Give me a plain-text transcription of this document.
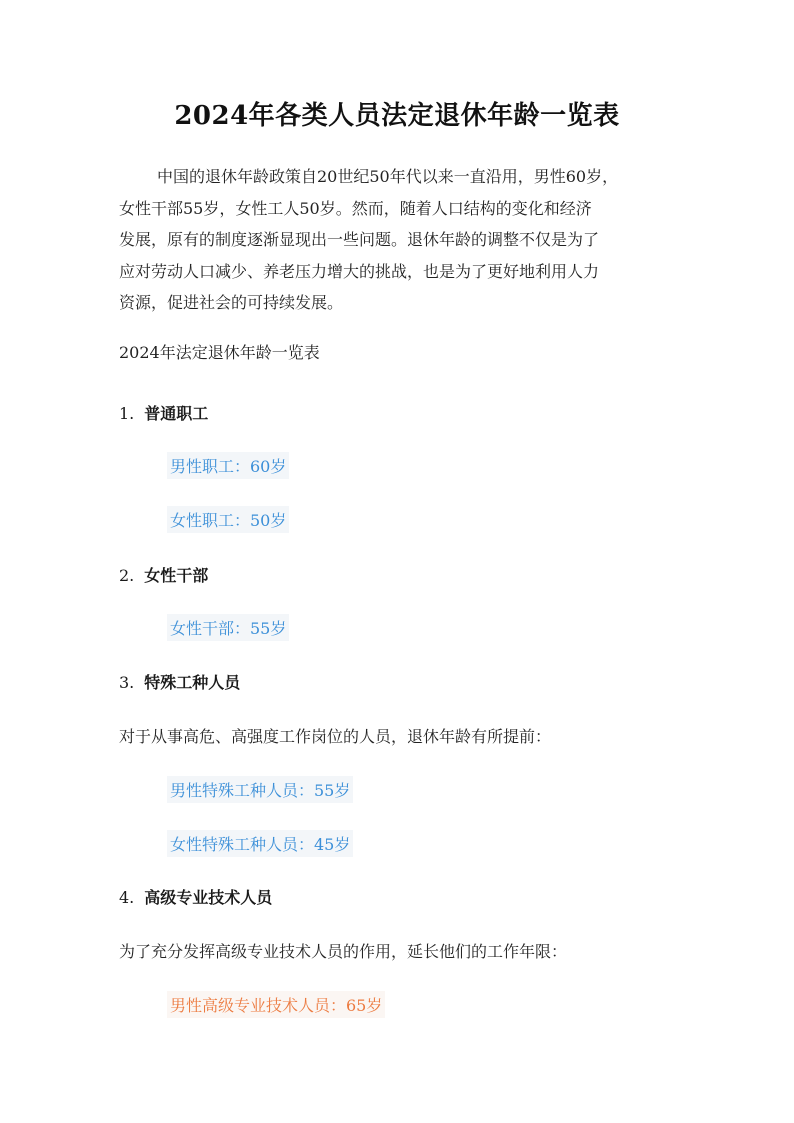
2024年各类人员法定退休年龄一览表

中国的退休年龄政策自20世纪50年代以来一直沿用，男性60岁，
女性干部55岁，女性工人50岁。然而，随着人口结构的变化和经济
发展，原有的制度逐渐显现出一些问题。退休年龄的调整不仅是为了
应对劳动人口减少、养老压力增大的挑战，也是为了更好地利用人力
资源，促进社会的可持续发展。

2024年法定退休年龄一览表

1. 普通职工

男性职工：60岁
女性职工：50岁

2. 女性干部

女性干部：55岁

3. 特殊工种人员

对于从事高危、高强度工作岗位的人员，退休年龄有所提前：

男性特殊工种人员：55岁
女性特殊工种人员：45岁

4. 高级专业技术人员

为了充分发挥高级专业技术人员的作用，延长他们的工作年限：

男性高级专业技术人员：65岁
